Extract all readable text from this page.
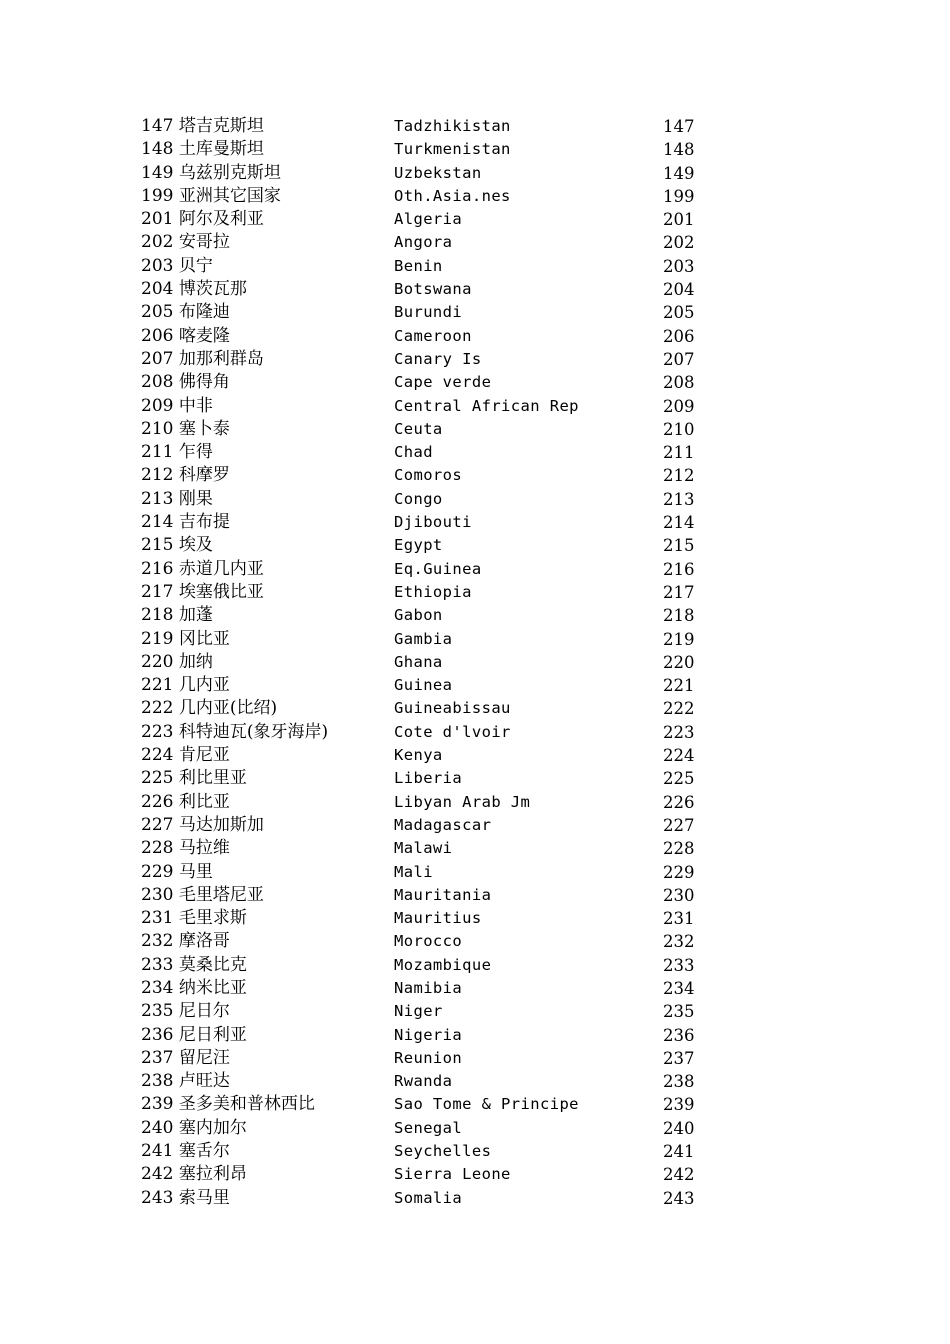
147 塔吉克斯坦	Tadzhikistan	147
148 土库曼斯坦	Turkmenistan	148
149 乌兹别克斯坦	Uzbekstan	149
199 亚洲其它国家	Oth.Asia.nes	199
201 阿尔及利亚	Algeria	201
202 安哥拉	Angora	202
203 贝宁	Benin	203
204 博茨瓦那	Botswana	204
205 布隆迪	Burundi	205
206 喀麦隆	Cameroon	206
207 加那利群岛	Canary Is	207
208 佛得角	Cape verde	208
209 中非	Central African Rep	209
210 塞卜泰	Ceuta	210
211 乍得	Chad	211
212 科摩罗	Comoros	212
213 刚果	Congo	213
214 吉布提	Djibouti	214
215 埃及	Egypt	215
216 赤道几内亚	Eq.Guinea	216
217 埃塞俄比亚	Ethiopia	217
218 加蓬	Gabon	218
219 冈比亚	Gambia	219
220 加纳	Ghana	220
221 几内亚	Guinea	221
222 几内亚(比绍)	Guineabissau	222
223 科特迪瓦(象牙海岸)	Cote d'lvoir	223
224 肯尼亚	Kenya	224
225 利比里亚	Liberia	225
226 利比亚	Libyan Arab Jm	226
227 马达加斯加	Madagascar	227
228 马拉维	Malawi	228
229 马里	Mali	229
230 毛里塔尼亚	Mauritania	230
231 毛里求斯	Mauritius	231
232 摩洛哥	Morocco	232
233 莫桑比克	Mozambique	233
234 纳米比亚	Namibia	234
235 尼日尔	Niger	235
236 尼日利亚	Nigeria	236
237 留尼汪	Reunion	237
238 卢旺达	Rwanda	238
239 圣多美和普林西比	Sao Tome & Principe	239
240 塞内加尔	Senegal	240
241 塞舌尔	Seychelles	241
242 塞拉利昂	Sierra Leone	242
243 索马里	Somalia	243
